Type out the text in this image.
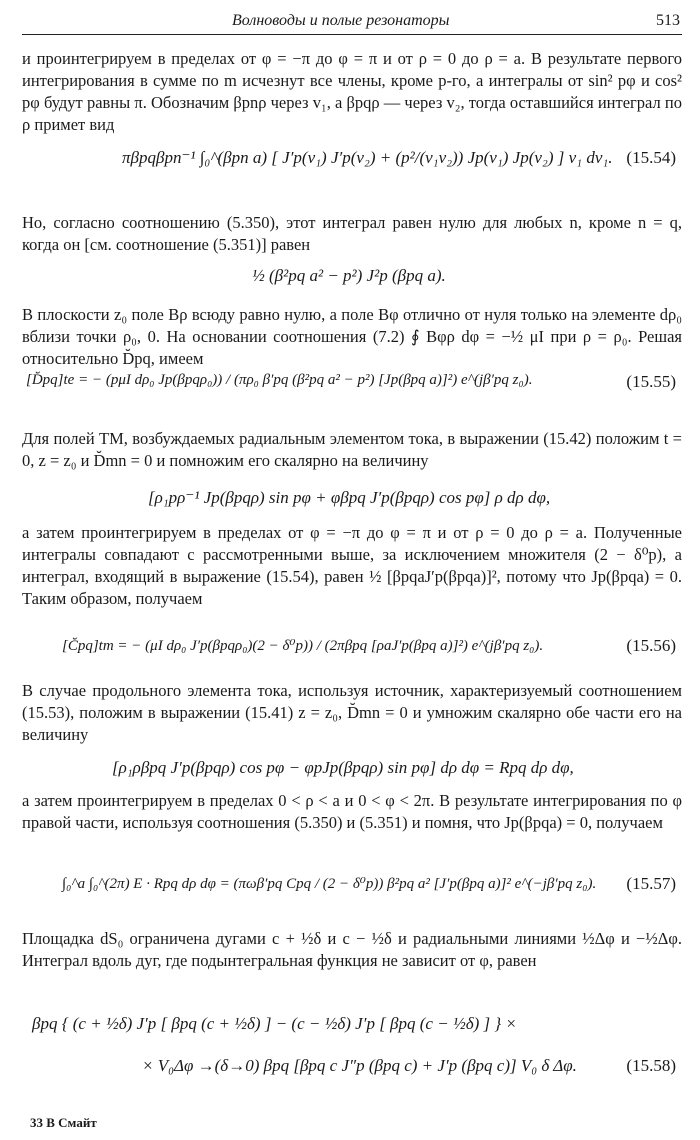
Волноводы и полые резонаторы	513
и проинтегрируем в пределах от φ = −π до φ = π и от ρ = 0 до ρ = a. В результате первого интегрирования в сумме по m исчезнут все члены, кроме p-го, а интегралы от sin² pφ и cos² pφ будут равны π. Обозначим βpnρ через v₁, а βpqρ — через v₂, тогда оставшийся интеграл по ρ примет вид
πβpqβpn⁻¹ ∫₀^(βpn a) [ J′p(v₁) J′p(v₂) + (p²/(v₁v₂)) Jp(v₁) Jp(v₂) ] v₁ dv₁. (15.54)
Но, согласно соотношению (5.350), этот интеграл равен нулю для любых n, кроме n = q, когда он [см. соотношение (5.351)] равен
½ (β²pq a² − p²) J²p (βpq a).
В плоскости z₀ поле Bρ всюду равно нулю, а поле Bφ отлично от нуля только на элементе dρ₀ вблизи точки ρ₀, 0. На основании соотношения (7.2) ∮ Bφρ dφ = −½ μI при ρ = ρ₀. Решая относительно D̆pq, имеем
[D̆pq]te = − (pμI dρ₀ Jp(βpqρ₀)) / (πρ₀ β′pq (β²pq a² − p²) [Jp(βpq a)]²) e^(jβ′pq z₀).	(15.55)
Для полей TM, возбуждаемых радиальным элементом тока, в выражении (15.42) положим t = 0, z = z₀ и D̆mn = 0 и помножим его скалярно на величину
[ρ₁pρ⁻¹ Jp(βpqρ) sin pφ + φβpq J′p(βpqρ) cos pφ] ρ dρ dφ,
а затем проинтегрируем в пределах от φ = −π до φ = π и от ρ = 0 до ρ = a. Полученные интегралы совпадают с рассмотренными выше, за исключением множителя (2 − δ⁰p), а интеграл, входящий в выражение (15.54), равен ½ [βpqaJ′p(βpqa)]², потому что Jp(βpqa) = 0. Таким образом, получаем
[C̆pq]tm = − (μI dρ₀ J′p(βpqρ₀)(2 − δ⁰p)) / (2πβpq [ρaJ′p(βpq a)]²) e^(jβ′pq z₀).	(15.56)
В случае продольного элемента тока, используя источник, характеризуемый соотношением (15.53), положим в выражении (15.41) z = z₀, D̆mn = 0 и умножим скалярно обе части его на величину
[ρ₁ρβpq J′p(βpqρ) cos pφ − φpJp(βpqρ) sin pφ] dρ dφ = Rpq dρ dφ,
а затем проинтегрируем в пределах 0 < ρ < a и 0 < φ < 2π. В результате интегрирования по φ правой части, используя соотношения (5.350) и (5.351) и помня, что Jp(βpqa) = 0, получаем
∫₀^a ∫₀^(2π) E · Rpq dρ dφ = (πωβ′pq Cpq / (2 − δ⁰p)) β²pq a² [J′p(βpq a)]² e^(−jβ′pq z₀). (15.57)
Площадка dS₀ ограничена дугами c + ½δ и c − ½δ и радиальными линиями ½Δφ и −½Δφ. Интеграл вдоль дуг, где подынтегральная функция не зависит от φ, равен
βpq { (c + ½δ) J′p [ βpq (c + ½δ) ] − (c − ½δ) J′p [ βpq (c − ½δ) ] } ×
× V₀Δφ →(δ→0) βpq [βpq c J″p (βpq c) + J′p (βpq c)] V₀ δ Δφ.	(15.58)
33 В Смайт
